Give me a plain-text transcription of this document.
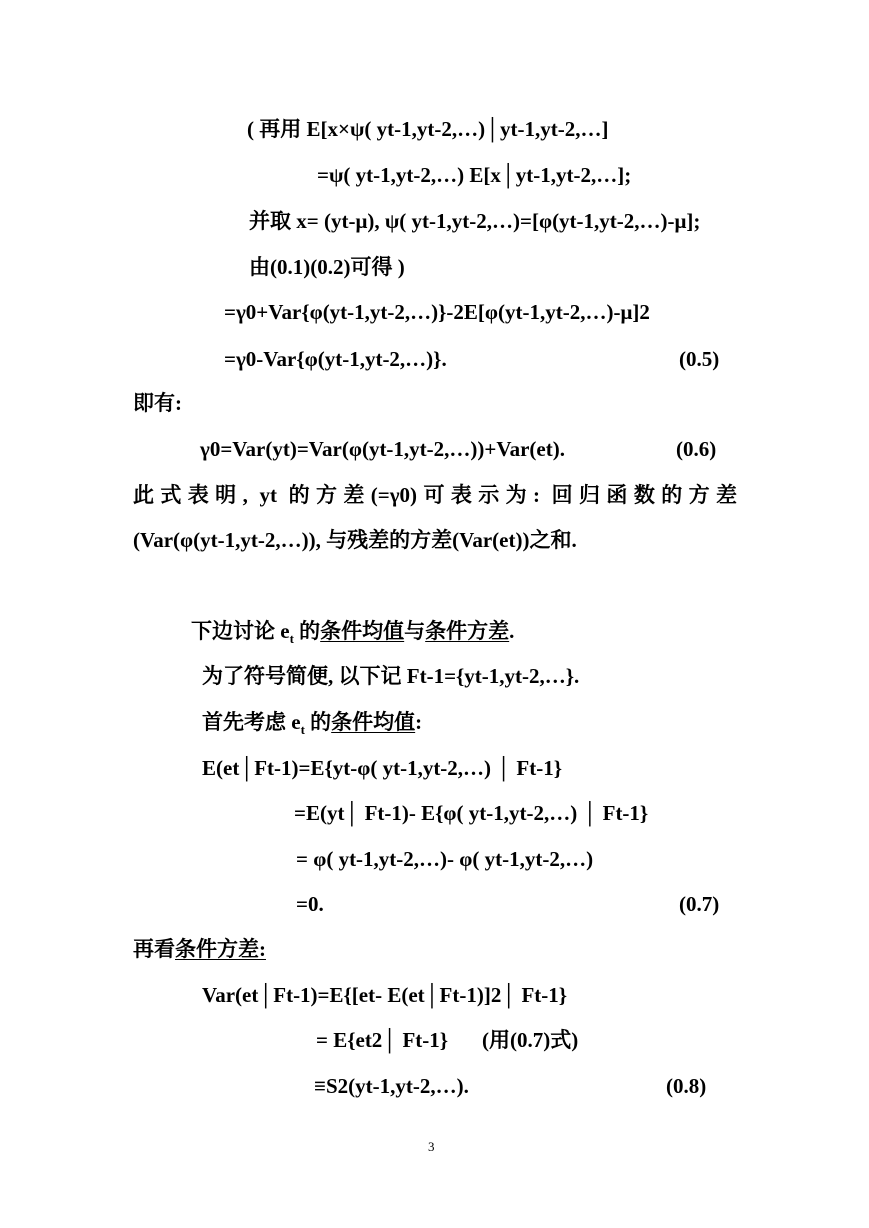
( 再用 E[x×ψ( yt-1,yt-2,…)│yt-1,yt-2,…]
=ψ( yt-1,yt-2,…) E[x│yt-1,yt-2,…];
并取 x= (yt-μ), ψ( yt-1,yt-2,…)=[φ(yt-1,yt-2,…)-μ];
由(0.1)(0.2)可得 )
=γ0+Var{φ(yt-1,yt-2,…)}-2E[φ(yt-1,yt-2,…)-μ]2
=γ0-Var{φ(yt-1,yt-2,…)}.	(0.5)
即有:
γ0=Var(yt)=Var(φ(yt-1,yt-2,…))+Var(et).	(0.6)
此式表明, yt 的方差(=γ0)可表示为: 回归函数的方差
(Var(φ(yt-1,yt-2,…)), 与残差的方差(Var(et))之和.
下边讨论 $e_t$ 的条件均值与条件方差.
为了符号简便, 以下记 Ft-1={yt-1,yt-2,…}.
首先考虑 $e_t$ 的条件均值:
E(et│Ft-1)=E{yt-φ( yt-1,yt-2,…) │ Ft-1}
=E(yt│ Ft-1)- E{φ( yt-1,yt-2,…) │ Ft-1}
= φ( yt-1,yt-2,…)- φ( yt-1,yt-2,…)
=0.	(0.7)
再看条件方差:
Var(et│Ft-1)=E{[et- E(et│Ft-1)]2│ Ft-1}
= E{et2│ Ft-1} (用(0.7)式)
≡S2(yt-1,yt-2,…).	(0.8)
3
